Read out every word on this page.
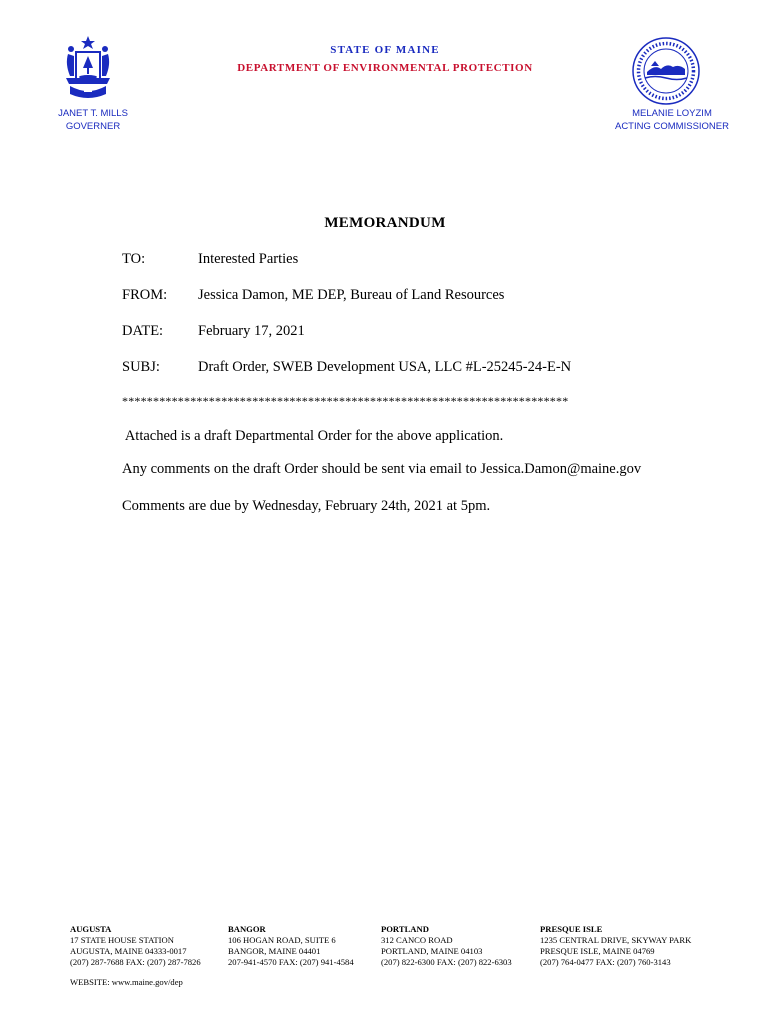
STATE OF MAINE
DEPARTMENT OF ENVIRONMENTAL PROTECTION
JANET T. MILLS
GOVERNER
MELANIE LOYZIM
ACTING COMMISSIONER
MEMORANDUM
TO:	Interested Parties
FROM: Jessica Damon, ME DEP, Bureau of Land Resources
DATE: February 17, 2021
SUBJ:	Draft Order, SWEB Development USA, LLC #L-25245-24-E-N
************************************************************************
Attached is a draft Departmental Order for the above application.
Any comments on the draft Order should be sent via email to Jessica.Damon@maine.gov
Comments are due by Wednesday, February 24th, 2021 at 5pm.
AUGUSTA
17 STATE HOUSE STATION
AUGUSTA, MAINE 04333-0017
(207) 287-7688 FAX: (207) 287-7826
BANGOR
106 HOGAN ROAD, SUITE 6
BANGOR, MAINE 04401
207-941-4570 FAX: (207) 941-4584
PORTLAND
312 CANCO ROAD
PORTLAND, MAINE 04103
(207) 822-6300 FAX: (207) 822-6303
PRESQUE ISLE
1235 CENTRAL DRIVE, SKYWAY PARK
PRESQUE ISLE, MAINE 04769
(207) 764-0477 FAX: (207) 760-3143
WEBSITE: www.maine.gov/dep
